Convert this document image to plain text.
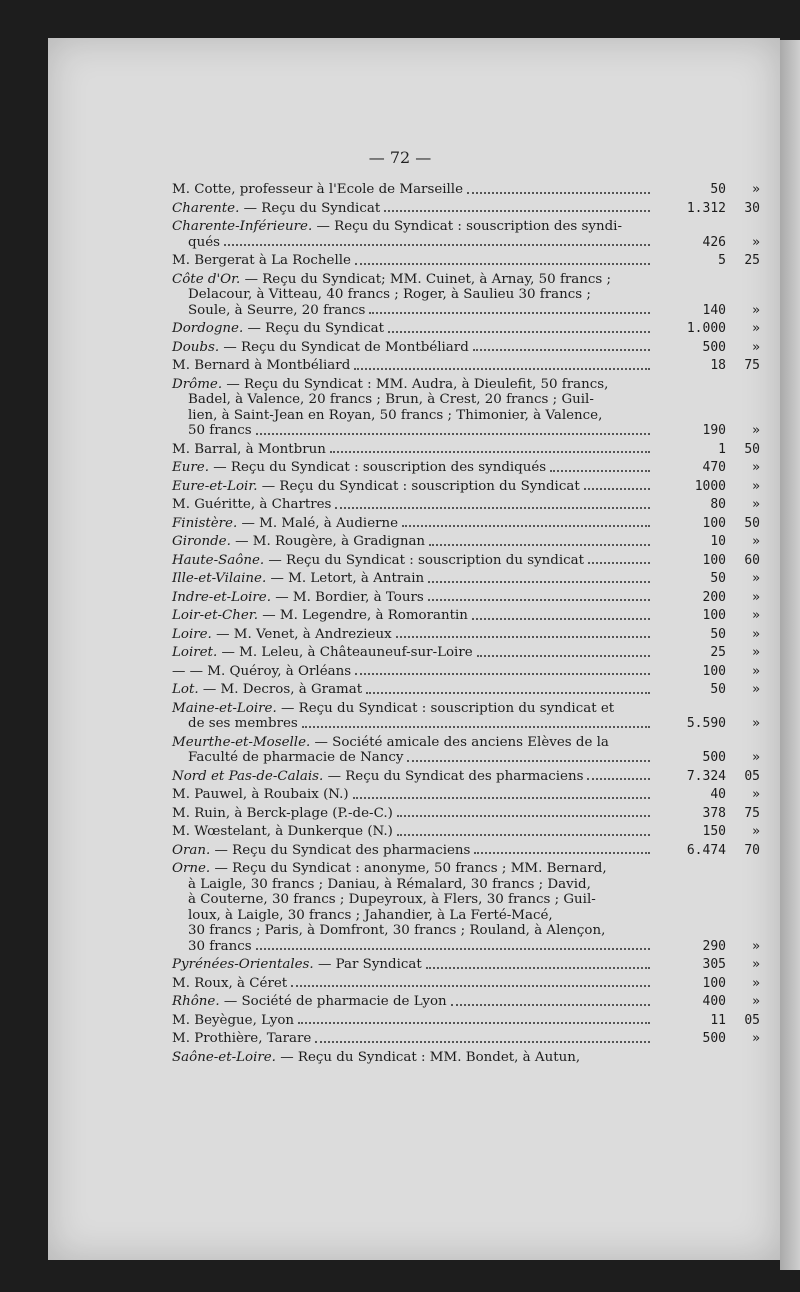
— 72 —
M. Cotte, professeur à l'Ecole de Marseille	50	»
Charente. — Reçu du Syndicat	1.312	30
Charente-Inférieure. — Reçu du Syndicat : souscription des syndi-
qués	426	»
M. Bergerat à La Rochelle	5	25
Côte d'Or. — Reçu du Syndicat; MM. Cuinet, à Arnay, 50 francs ;
Delacour, à Vitteau, 40 francs ; Roger, à Saulieu 30 francs ;
Soule, à Seurre, 20 francs	140	»
Dordogne. — Reçu du Syndicat	1.000	»
Doubs. — Reçu du Syndicat de Montbéliard	500	»
M. Bernard à Montbéliard	18	75
Drôme. — Reçu du Syndicat : MM. Audra, à Dieulefit, 50 francs,
Badel, à Valence, 20 francs ; Brun, à Crest, 20 francs ; Guil-
lien, à Saint-Jean en Royan, 50 francs ; Thimonier, à Valence,
50 francs	190	»
M. Barral, à Montbrun	1	50
Eure. — Reçu du Syndicat : souscription des syndiqués	470	»
Eure-et-Loir. — Reçu du Syndicat : souscription du Syndicat	1000	»
M. Guéritte, à Chartres	80	»
Finistère. — M. Malé, à Audierne	100	50
Gironde. — M. Rougère, à Gradignan	10	»
Haute-Saône. — Reçu du Syndicat : souscription du syndicat	100	60
Ille-et-Vilaine. — M. Letort, à Antrain	50	»
Indre-et-Loire. — M. Bordier, à Tours	200	»
Loir-et-Cher. — M. Legendre, à Romorantin	100	»
Loire. — M. Venet, à Andrezieux	50	»
Loiret. — M. Leleu, à Châteauneuf-sur-Loire	25	»
— — M. Quéroy, à Orléans	100	»
Lot. — M. Decros, à Gramat	50	»
Maine-et-Loire. — Reçu du Syndicat : souscription du syndicat et
de ses membres	5.590	»
Meurthe-et-Moselle. — Société amicale des anciens Elèves de la
Faculté de pharmacie de Nancy	500	»
Nord et Pas-de-Calais. — Reçu du Syndicat des pharmaciens	7.324	05
M. Pauwel, à Roubaix (N.)	40	»
M. Ruin, à Berck-plage (P.-de-C.)	378	75
M. Wœstelant, à Dunkerque (N.)	150	»
Oran. — Reçu du Syndicat des pharmaciens	6.474	70
Orne. — Reçu du Syndicat : anonyme, 50 francs ; MM. Bernard,
à Laigle, 30 francs ; Daniau, à Rémalard, 30 francs ; David,
à Couterne, 30 francs ; Dupeyroux, à Flers, 30 francs ; Guil-
loux, à Laigle, 30 francs ; Jahandier, à La Ferté-Macé,
30 francs ; Paris, à Domfront, 30 francs ; Rouland, à Alençon,
30 francs	290	»
Pyrénées-Orientales. — Par Syndicat	305	»
M. Roux, à Céret	100	»
Rhône. — Société de pharmacie de Lyon	400	»
M. Beyègue, Lyon	11	05
M. Prothière, Tarare	500	»
Saône-et-Loire. — Reçu du Syndicat : MM. Bondet, à Autun,
